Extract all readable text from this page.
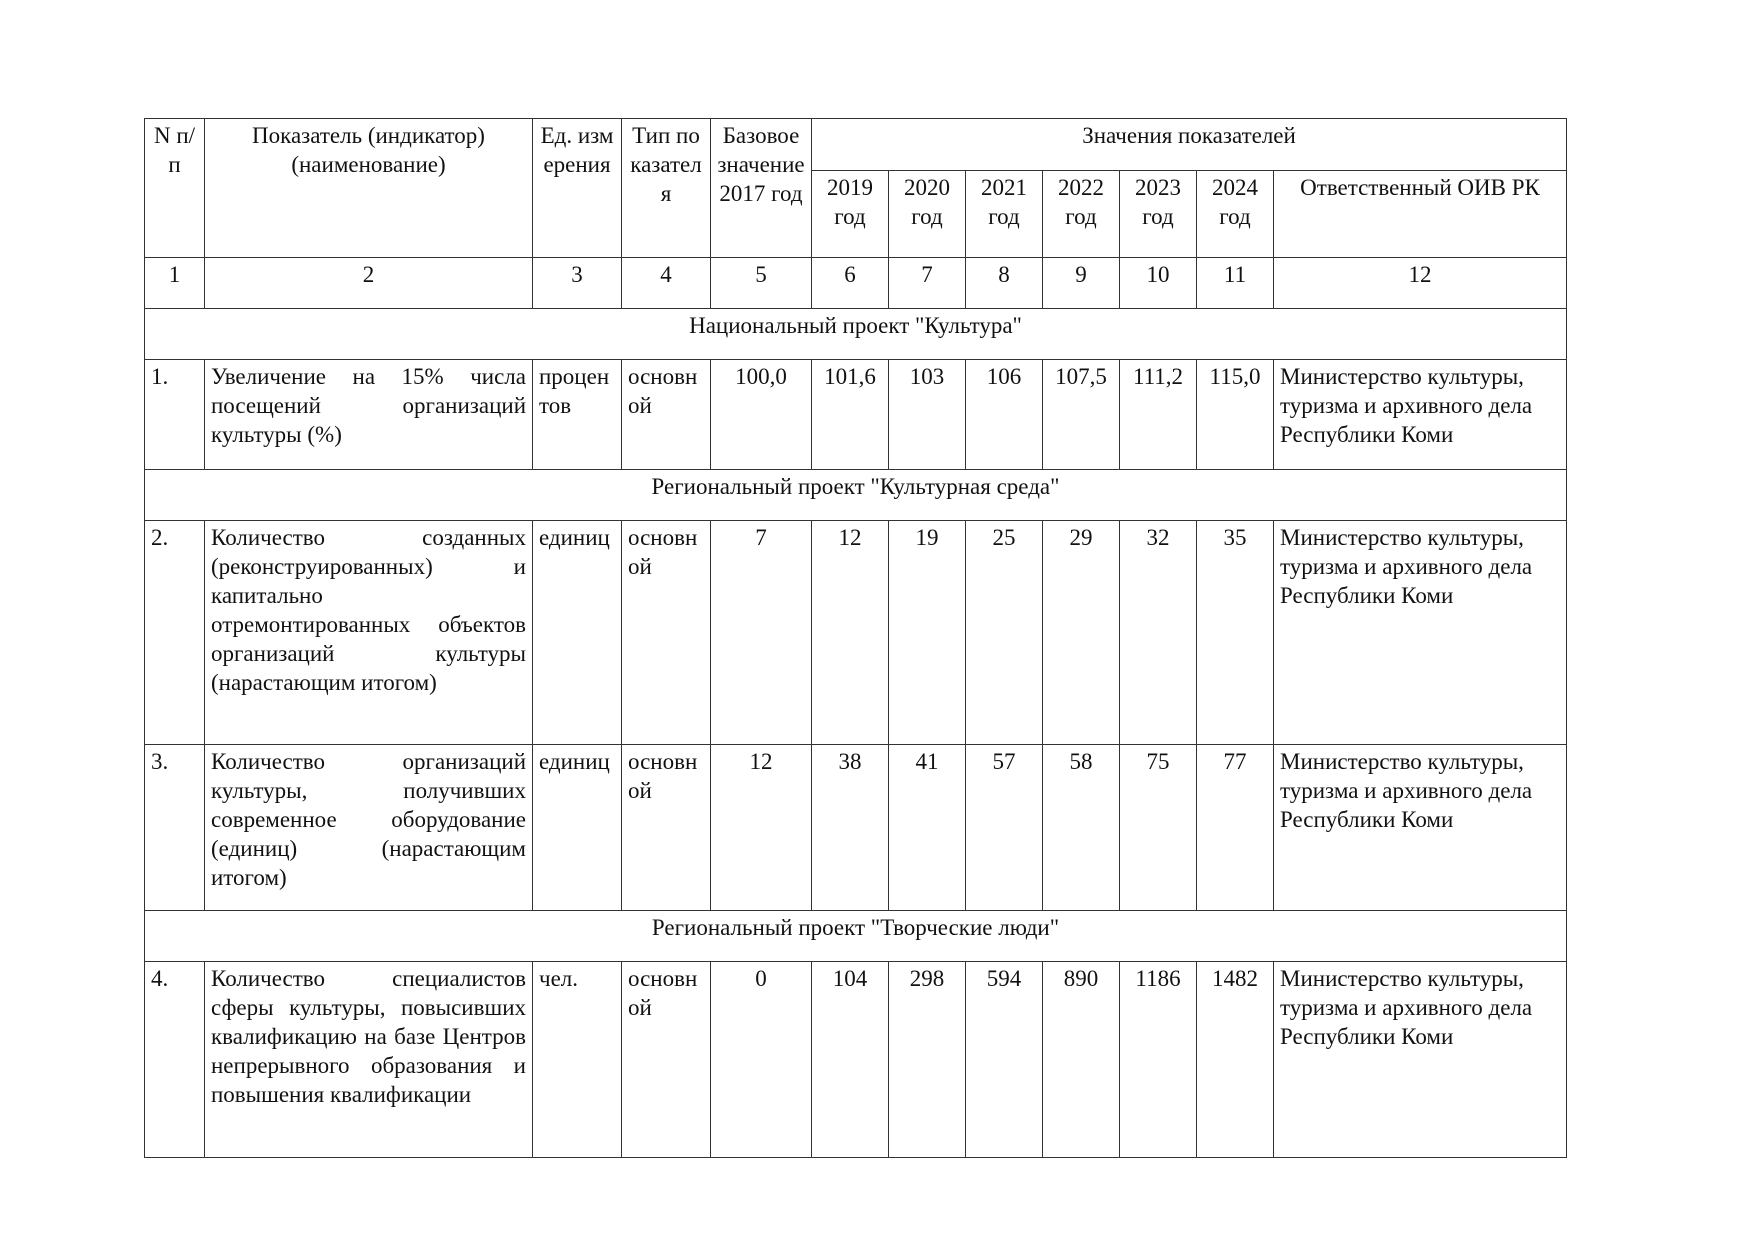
N п/п	Показатель (индикатор) (наименование)	Ед. измерения	Тип показателя	Базовое значение 2017 год	Значения показателей						
					2019 год	2020 год	2021 год	2022 год	2023 год	2024 год	Ответственный ОИВ РК
1	2	3	4	5	6	7	8	9	10	11	12
Национальный проект "Культура"											
1.	Увеличение на 15% числа посещений организаций культуры (%)	процентов	основной	100,0	101,6	103	106	107,5	111,2	115,0	Министерство культуры, туризма и архивного дела Республики Коми
Региональный проект "Культурная среда"											
2.	Количество созданных (реконструированных) и капитально отремонтированных объектов организаций культуры (нарастающим итогом)	единиц	основной	7	12	19	25	29	32	35	Министерство культуры, туризма и архивного дела Республики Коми
3.	Количество организаций культуры, получивших современное оборудование (единиц) (нарастающим итогом)	единиц	основной	12	38	41	57	58	75	77	Министерство культуры, туризма и архивного дела Республики Коми
Региональный проект "Творческие люди"											
4.	Количество специалистов сферы культуры, повысивших квалификацию на базе Центров непрерывного образования и повышения квалификации	чел.	основной	0	104	298	594	890	1186	1482	Министерство культуры, туризма и архивного дела Республики Коми
